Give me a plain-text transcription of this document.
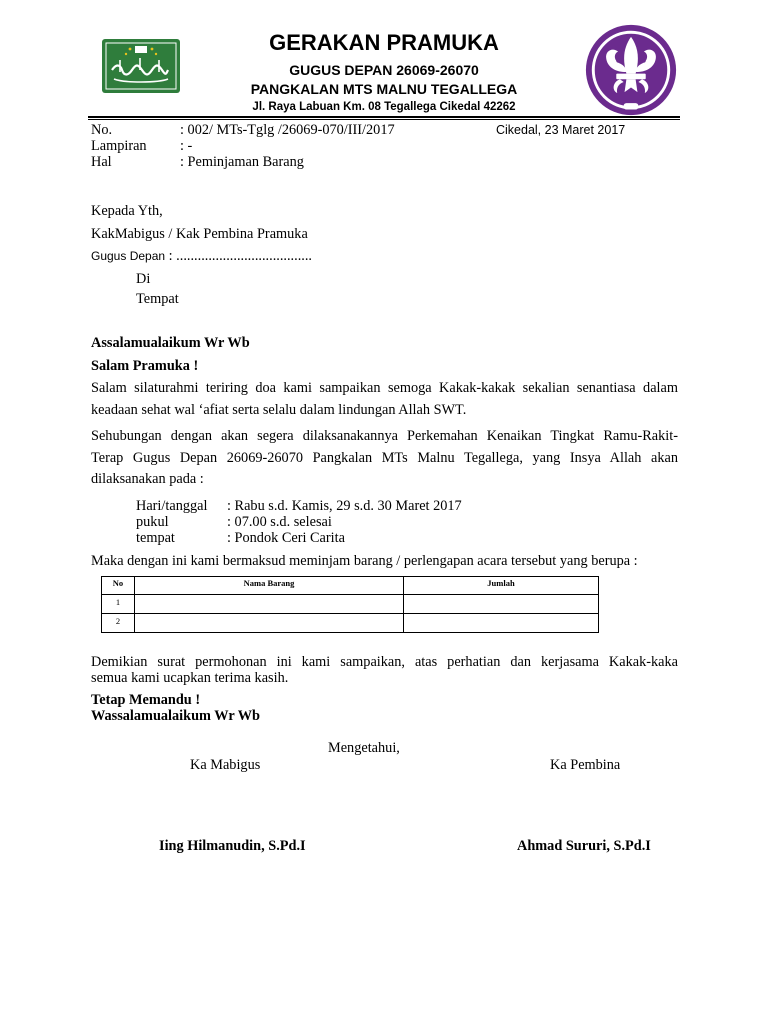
GERAKAN PRAMUKA
GUGUS DEPAN 26069-26070
PANGKALAN MTS MALNU TEGALLEGA
Jl. Raya Labuan Km. 08 Tegallega Cikedal 42262
No.	: 002/ MTs-Tglg /26069-070/III/2017	Cikedal, 23 Maret 2017
Lampiran : -
Hal	: Peminjaman Barang
Kepada Yth,
KakMabigus / Kak Pembina Pramuka
Gugus Depan : ......................................
Di
Tempat
Assalamualaikum Wr Wb
Salam Pramuka !
Salam silaturahmi teriring doa kami sampaikan semoga Kakak-kakak sekalian senantiasa dalam
keadaan sehat wal ‘afiat serta selalu dalam lindungan Allah SWT.
Sehubungan dengan akan segera dilaksanakannya Perkemahan Kenaikan Tingkat Ramu-Rakit-
Terap Gugus Depan 26069-26070 Pangkalan MTs Malnu Tegallega, yang Insya Allah akan
dilaksanakan pada :
Hari/tanggal : Rabu s.d. Kamis, 29 s.d. 30 Maret 2017
pukul	: 07.00 s.d. selesai
tempat	: Pondok Ceri Carita
Maka dengan ini kami bermaksud meminjam barang / perlengapan acara tersebut yang berupa :
No	Nama Barang	Jumlah
1		
2		
Demikian surat permohonan ini kami sampaikan, atas perhatian dan kerjasama Kakak-kaka
semua kami ucapkan terima kasih.
Tetap Memandu !
Wassalamualaikum Wr Wb
Mengetahui,
Ka Mabigus	Ka Pembina
Iing Hilmanudin, S.Pd.I	Ahmad Sururi, S.Pd.I
